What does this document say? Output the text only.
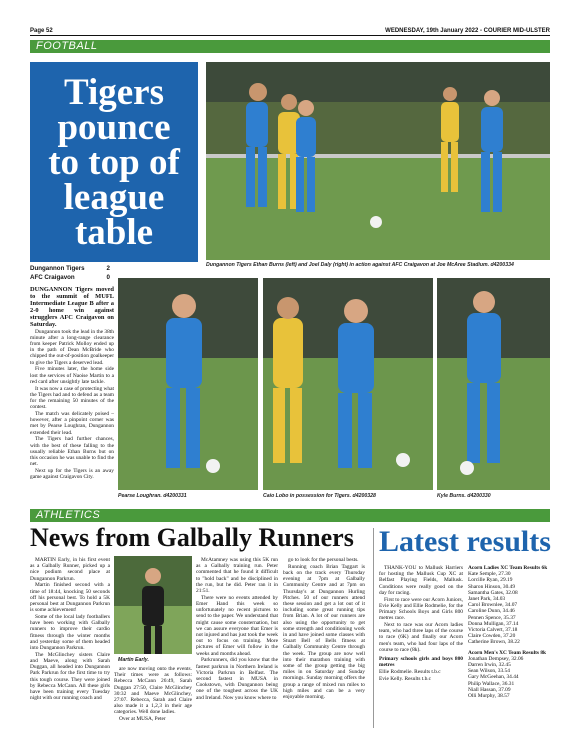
Page 52	WEDNESDAY, 19th January 2022 - COURIER MID-ULSTER
FOOTBALL
Tigers
pounce
to top of
league
table
Dungannon Tigers Ethan Burns (left) and Joel Daly (right) in action against AFC Craigavon at Joe McAree Stadium. d4200334
Dungannon Tigers	2
AFC Craigavon	0

DUNGANNON Tigers moved to the summit of MUFL Intermediate League B after a 2-0 home win against strugglers AFC Craigavon on Saturday.

Dungannon took the lead in the 38th minute after a long-range clearance from keeper Patrick Molloy ended up in the path of Dean McBride who chipped the out-of-position goalkeeper to give the Tigers a deserved lead.

Five minutes later, the home side lost the services of Naoise Martin to a red card after unsightly late tackle.

It was now a case of protecting what the Tigers had and to defend as a team for the remaining 50 minutes of the contest.

The match was delicately poised – however, after a pinpoint corner was met by Pearse Loughran, Dungannon extended their lead.

The Tigers had further chances, with the best of these falling to the usually reliable Ethan Burns but on this occasion he was unable to find the net.

Next up for the Tigers is an away game against Craigavon City.

Pearse Loughran. d4200331	Caio Lobo in possession for Tigers. d4200328	Kyle Burns. d4200330
ATHLETICS
News from Galbally Runners

MARTIN Early, in his first event as a Galbally Runner, picked up a nice podium second place at Dungannon Parkrun.

Martin finished second with a time of 18:44, knocking 50 seconds off his personal best. To hold a 5K personal best at Dungannon Parkrun is some achievement!

Some of the local lady footballers have been working with Galbally runners to improve their cardio fitness through the winter months and yesterday some of them headed into Dungannon Parkrun.

The McGlinchey sisters Claire and Maeve, along with Sarah Duggan, all headed into Dungannon Park Parkrun for the first time to try this tough course. They were joined by Rebecca McCann. All these girls have been training every Tuesday night with our running coach and

Martin Early.

are now moving onto the events. Their times were as follows: Rebecca McCann 26:49, Sarah Duggan 27:50, Claire McGlinchey 30:32 and Maeve McGlinchey, 27:07. Rebecca, Sarah and Claire also made it a 1,2,3 in their age categories. Well done ladies.

Over at MUSA, Peter

McAtamney was using this 5K run as a Galbally training run. Peter commented that he found it difficult to "hold back" and be disciplined in the run, but he did. Peter ran it in 21:51.

There were no events attended by Emer Hand this week so unfortunately no recent pictures to send to the paper. We understand that might cause some consternation, but we can assure everyone that Emer is not injured and has just took the week out to focus on training. More pictures of Emer will follow in the weeks and months ahead.

Parkrunners, did you know that the fastest parkrun in Northern Ireland is Victoria Parkrun in Belfast. The second fastest in MUSA in Cookstown, with Dungannon being one of the toughest across the UK and Ireland. Now you know where to

go to look for the personal bests.

Running coach Brian Taggart is back on the track every Thursday evening at 7pm at Galbally Community Centre and at 7pm on Thursday's at Dungannon Hurling Pitches. 50 of our runners attend these session and get a lot out of it including some great running tips from Brian. A lot of our runners are also using the opportunity to get some strength and conditioning work in and have joined some classes with Stuart Bell of Bells fitness at Galbally Community Centre through the week. The group are now well into their marathon training with some of the group getting the big miles in on Saturday and Sunday mornings. Sunday morning offers the group a range of mixed run miles to high miles and can be a very enjoyable morning.

Latest results

THANK-YOU to Mallusk Harriers for hosting the Mallusk Cup XC at Belfast Playing Fields, Mallusk. Conditions were really good on the day for racing.

First to race were our Acorn Juniors, Evie Kelly and Ellie Rodmelie, for the Primary Schools Boys and Girls 800 metres race.

Next to race was our Acorn ladies team, who had three laps of the course to race (6K) and finally our Acorn men's team, who had four laps of the course to race (8k).

Primary schools girls and boys 800 metres

Ellie Rodmelie. Results t.b.c

Evie Kelly. Results t.b.c

Acorn Ladies XC Team Results 6k
Kate Semple, 27.30
Lorcille Ryan, 29.19
Sharon Hinson, 30.49
Samantha Gates, 32.08
Janet Park, 34.03
Carol Brownlee, 34.07
Caroline Dunn, 34.46
Pennen Spence, 35.37
Donna Mulligan, 37.14
Victoria Calvert, 37.18
Claire Cowden, 37.20
Catherine Brown, 38.22
Acorn Men's XC Team Results 8k
Jonathan Dempsey, 32.06
Darren Irwin, 32.45
Sean Wilson, 33.54
Gary McGeehan, 34.44
Philip Wallace, 36.31
Niall Hassan, 37.09
Olli Murphy, 38.57
